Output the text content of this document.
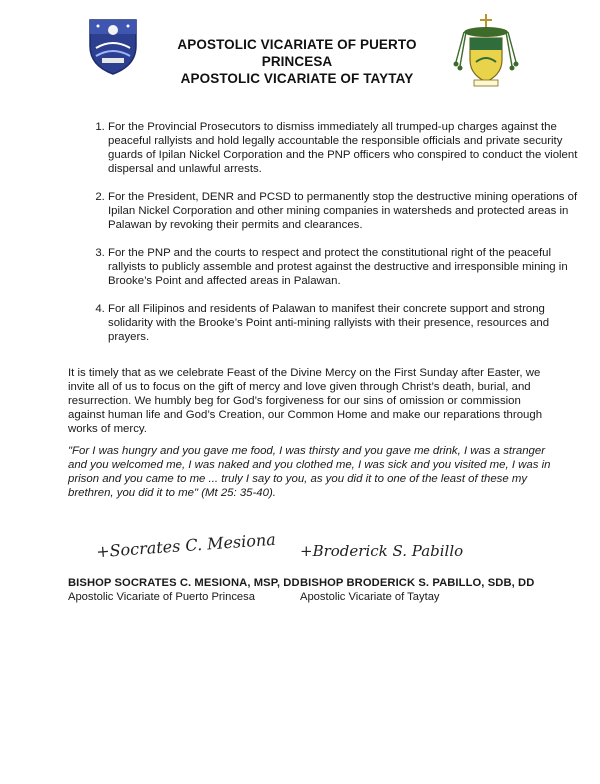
APOSTOLIC VICARIATE OF PUERTO PRINCESA
APOSTOLIC VICARIATE OF TAYTAY
1. For the Provincial Prosecutors to dismiss immediately all trumped-up charges against the peaceful rallyists and hold legally accountable the responsible officials and private security guards of Ipilan Nickel Corporation and the PNP officers who conspired to conduct the violent dispersal and unlawful arrests.
2. For the President, DENR and PCSD to permanently stop the destructive mining operations of Ipilan Nickel Corporation and other mining companies in watersheds and protected areas in Palawan by revoking their permits and clearances.
3. For the PNP and the courts to respect and protect the constitutional right of the peaceful rallyists to publicly assemble and protest against the destructive and irresponsible mining in Brooke’s Point and affected areas in Palawan.
4. For all Filipinos and residents of Palawan to manifest their concrete support and strong solidarity with the Brooke’s Point anti-mining rallyists with their presence, resources and prayers.

It is timely that as we celebrate Feast of the Divine Mercy on the First Sunday after Easter, we invite all of us to focus on the gift of mercy and love given through Christ’s death, burial, and resurrection. We humbly beg for God’s forgiveness for our sins of omission or commission against human life and God’s Creation, our Common Home and make our reparations through works of mercy.

"For I was hungry and you gave me food, I was thirsty and you gave me drink, I was a stranger and you welcomed me, I was naked and you clothed me, I was sick and you visited me, I was in prison and you came to me ... truly I say to you, as you did it to one of the least of these my brethren, you did it to me" (Mt 25: 35-40).

+Socrates C. Mesiona +Broderick S. Pabillo
BISHOP SOCRATES C. MESIONA, MSP, DD
Apostolic Vicariate of Puerto Princesa
BISHOP BRODERICK S. PABILLO, SDB, DD
Apostolic Vicariate of Taytay
